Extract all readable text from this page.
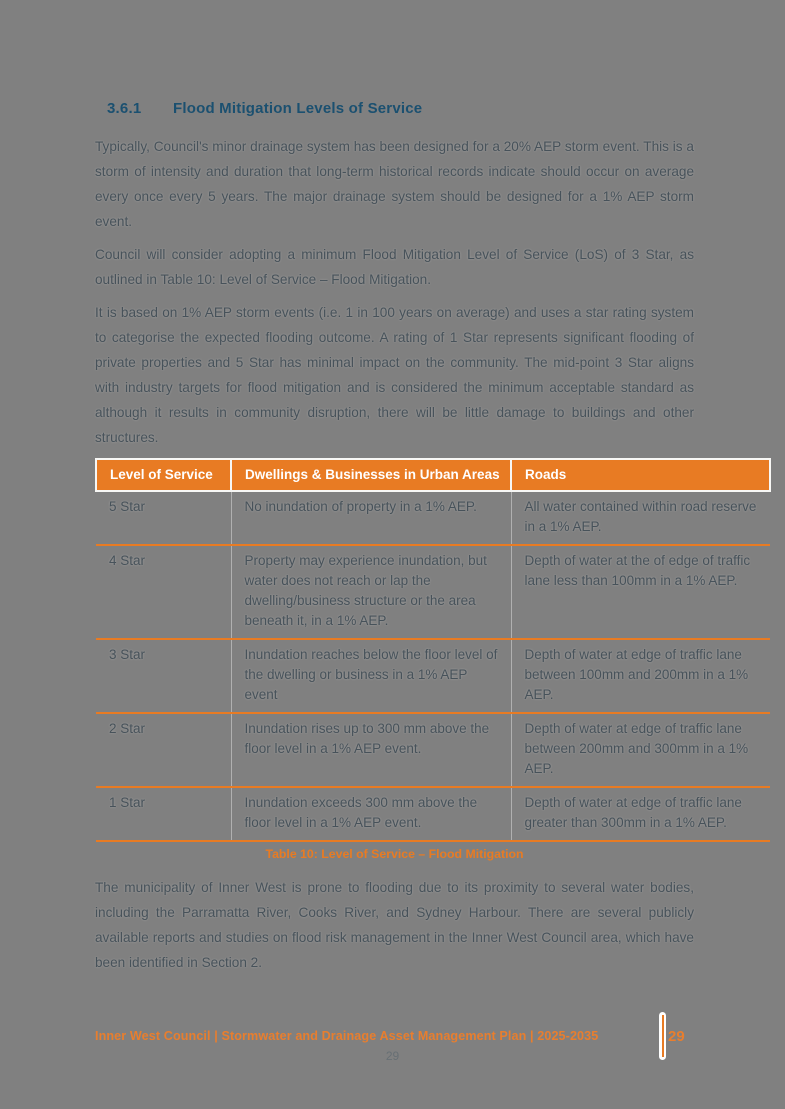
3.6.1 Flood Mitigation Levels of Service

Typically, Council's minor drainage system has been designed for a 20% AEP storm event. This is a storm of intensity and duration that long-term historical records indicate should occur on average every once every 5 years. The major drainage system should be designed for a 1% AEP storm event.

Council will consider adopting a minimum Flood Mitigation Level of Service (LoS) of 3 Star, as outlined in Table 10: Level of Service – Flood Mitigation.

It is based on 1% AEP storm events (i.e. 1 in 100 years on average) and uses a star rating system to categorise the expected flooding outcome. A rating of 1 Star represents significant flooding of private properties and 5 Star has minimal impact on the community. The mid-point 3 Star aligns with industry targets for flood mitigation and is considered the minimum acceptable standard as although it results in community disruption, there will be little damage to buildings and other structures.

Level of Service	Dwellings & Businesses in Urban Areas	Roads
5 Star	No inundation of property in a 1% AEP.	All water contained within road reserve in a 1% AEP.
4 Star	Property may experience inundation, but water does not reach or lap the dwelling/business structure or the area beneath it, in a 1% AEP.	Depth of water at the of edge of traffic lane less than 100mm in a 1% AEP.
3 Star	Inundation reaches below the floor level of the dwelling or business in a 1% AEP event	Depth of water at edge of traffic lane between 100mm and 200mm in a 1% AEP.
2 Star	Inundation rises up to 300 mm above the floor level in a 1% AEP event.	Depth of water at edge of traffic lane between 200mm and 300mm in a 1% AEP.
1 Star	Inundation exceeds 300 mm above the floor level in a 1% AEP event.	Depth of water at edge of traffic lane greater than 300mm in a 1% AEP.
Table 10: Level of Service – Flood Mitigation

The municipality of Inner West is prone to flooding due to its proximity to several water bodies, including the Parramatta River, Cooks River, and Sydney Harbour. There are several publicly available reports and studies on flood risk management in the Inner West Council area, which have been identified in Section 2.

Inner West Council | Stormwater and Drainage Asset Management Plan | 2025-2035	29
29
